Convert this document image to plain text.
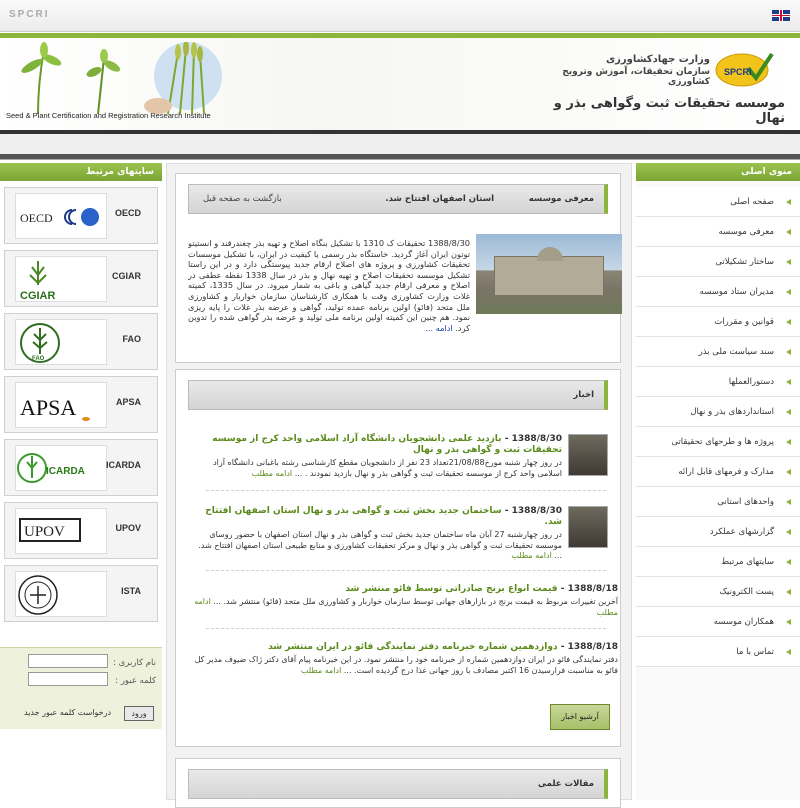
SPCRI
Seed & Plant Certification and Registration Research Institute
وزارت جهادکشاورزی
سازمان تحقیقات، آموزش وترویج کشاورزی
SPCRI
موسسه تحقیقات ثبت وگواهی بذر و نهال
سایتهای مرتبط
OECD	OECD
CGIAR
CGIAR
FAO
FAO
APSA	APSA
ICARDA
ICARDA
UPOV	UPOV
ISTA
نام کاربری :
کلمه عبور :
ورود
درخواست کلمه عبور جدید
معرفی موسسه
استان اصفهان افتتاح شد.
بازگشت به صفحه قبل
1388/8/30 تحقیقات ک 1310 با تشکیل بنگاه اصلاح و تهیه بذر چغندرقند و انستیتو توتون ایران آغاز گردید. خاستگاه بذر رسمی یا کیفیت در ایران، با تشکیل موسسات تحقیقات کشاورزی و پروژه های اصلاح ارقام جدید پیوستگی دارد و در این راستا تشکیل موسسه تحقیقات اصلاح و تهیه نهال و بذر در سال 1338 نقطه عطفی در اصلاح و معرفی ارقام جدید گیاهی و باغی به شمار میرود. در سال 1335، کمیته غلات وزارت کشاورزی وقت با همکاری کارشناسان سازمان خواربار و کشاورزی ملل متحد (فائو) اولین برنامه عمده تولید، گواهی و عرضه بذر غلات را پایه ریزی نمود. هم چنین این کمیته اولین برنامه ملی تولید و عرضه بذر گواهی شده را تدوین کرد. ادامه ...
اخبار
1388/8/30 - بازدید علمی دانشجویان دانشگاه آزاد اسلامی واحد کرج از موسسه تحقیقات ثبت و گواهی بذر و نهال
در روز چهار شنبه مورخ21/08/88تعداد 23 نفر از دانشجویان مقطع کارشناسی رشته باغبانی دانشگاه آزاد اسلامی واحد کرج از موسسه تحقیقات ثبت و گواهی بذر و نهال بازدید نمودند . ... ادامه مطلب
1388/8/30 - ساختمان جدید بخش ثبت و گواهی بذر و نهال استان اصفهان افتتاح شد.
در روز چهارشنبه 27 آبان ماه ساختمان جدید بخش ثبت و گواهی بذر و نهال استان اصفهان با حضور روسای موسسه تحقیقات ثبت و گواهی بذر و نهال و مرکز تحقیقات کشاورزی و منابع طبیعی استان اصفهان افتتاح شد. ... ادامه مطلب
1388/8/18 - قیمت انواع برنج صادراتی توسط فائو منتشر شد
آخرین تغییرات مربوط به قیمت برنج در بازارهای جهانی توسط سازمان خواربار و کشاورزی ملل متحد (فائو) منتشر شد. ... ادامه مطلب
1388/8/18 - دوازدهمین شماره خبرنامه دفتر نمایندگی فائو در ایران منتشر شد
دفتر نمایندگی فائو در ایران دوازدهمین شماره از خبرنامه خود را منتشر نمود. در این خبرنامه پیام آقای دکتر ژاک ضیوف مدیر کل فائو به مناسبت فرارسیدن 16 اکتبر مصادف با روز جهانی غذا درج گردیده است. ... ادامه مطلب
آرشیو اخبار
مقالات علمی
منوی اصلی
صفحه اصلی
معرفی موسسه
ساختار تشکیلاتی
مدیران ستاد موسسه
قوانین و مقررات
سند سیاست ملی بذر
دستورالعملها
استانداردهای بذر و نهال
پروژه ها و طرحهای تحقیقاتی
مدارک و فرمهای قابل ارائه
واحدهای استانی
گزارشهای عملکرد
سایتهای مرتبط
پست الکترونیک
همکاران موسسه
تماس با ما
